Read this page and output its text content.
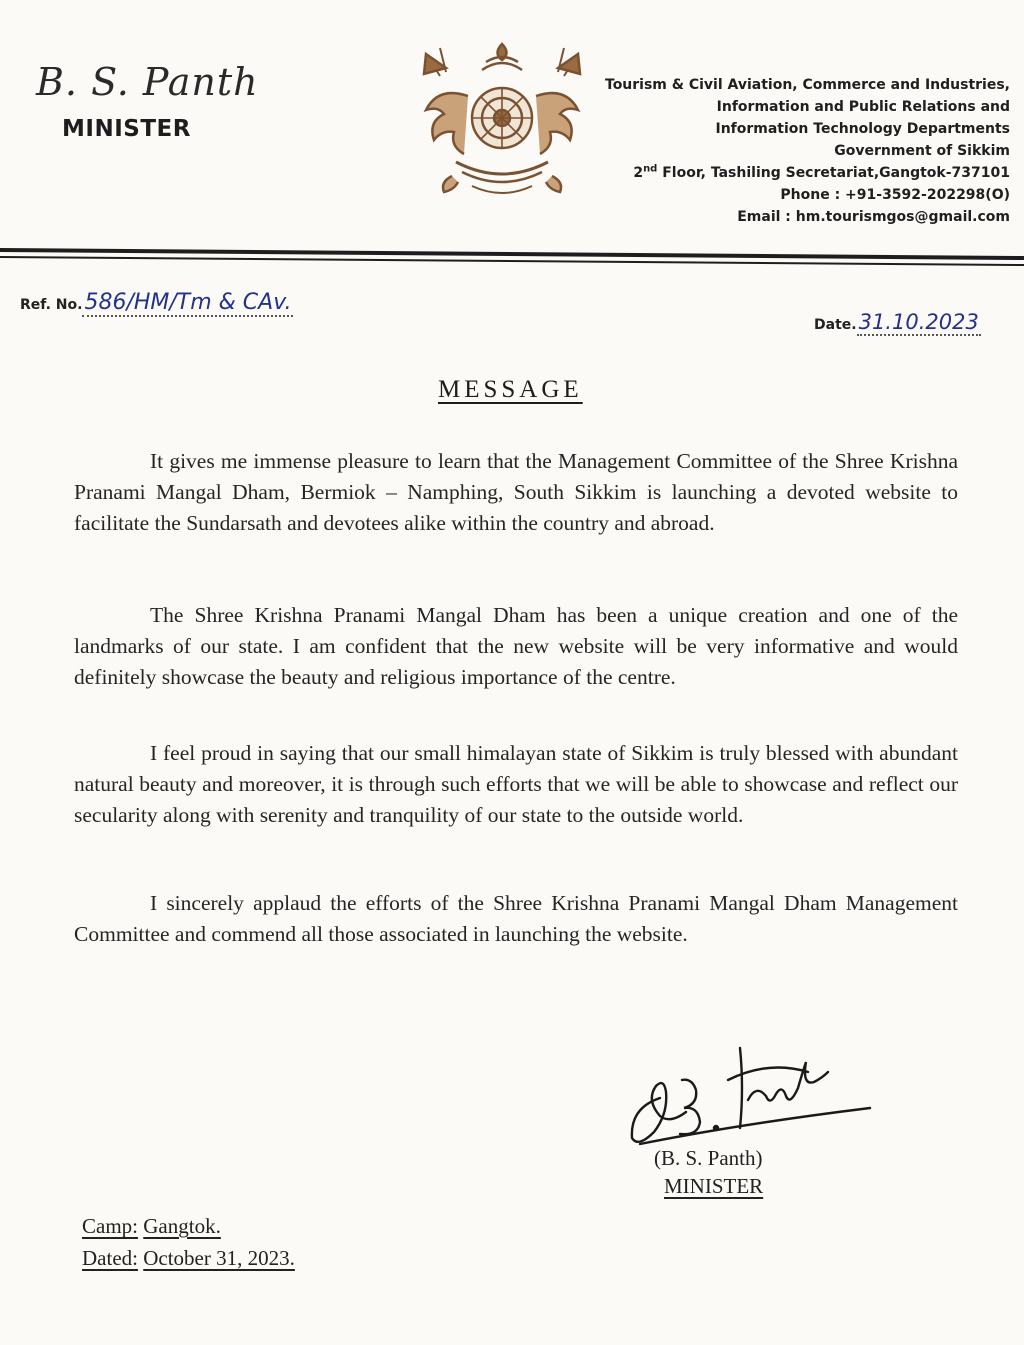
B. S. Panth
MINISTER
Tourism & Civil Aviation, Commerce and Industries,
Information and Public Relations and
Information Technology Departments
Government of Sikkim
2nd Floor, Tashiling Secretariat,Gangtok-737101
Phone : +91-3592-202298(O)
Email : hm.tourismgos@gmail.com
Ref. No.586/HM/Tm & CAv.
Date.31.10.2023
MESSAGE

It gives me immense pleasure to learn that the Management Committee of the Shree Krishna Pranami Mangal Dham, Bermiok – Namphing, South Sikkim is launching a devoted website to facilitate the Sundarsath and devotees alike within the country and abroad.

The Shree Krishna Pranami Mangal Dham has been a unique creation and one of the landmarks of our state. I am confident that the new website will be very informative and would definitely showcase the beauty and religious importance of the centre.

I feel proud in saying that our small himalayan state of Sikkim is truly blessed with abundant natural beauty and moreover, it is through such efforts that we will be able to showcase and reflect our secularity along with serenity and tranquility of our state to the outside world.

I sincerely applaud the efforts of the Shree Krishna Pranami Mangal Dham Management Committee and commend all those associated in launching the website.

(B. S. Panth)
MINISTER
Camp: Gangtok.
Dated: October 31, 2023.
